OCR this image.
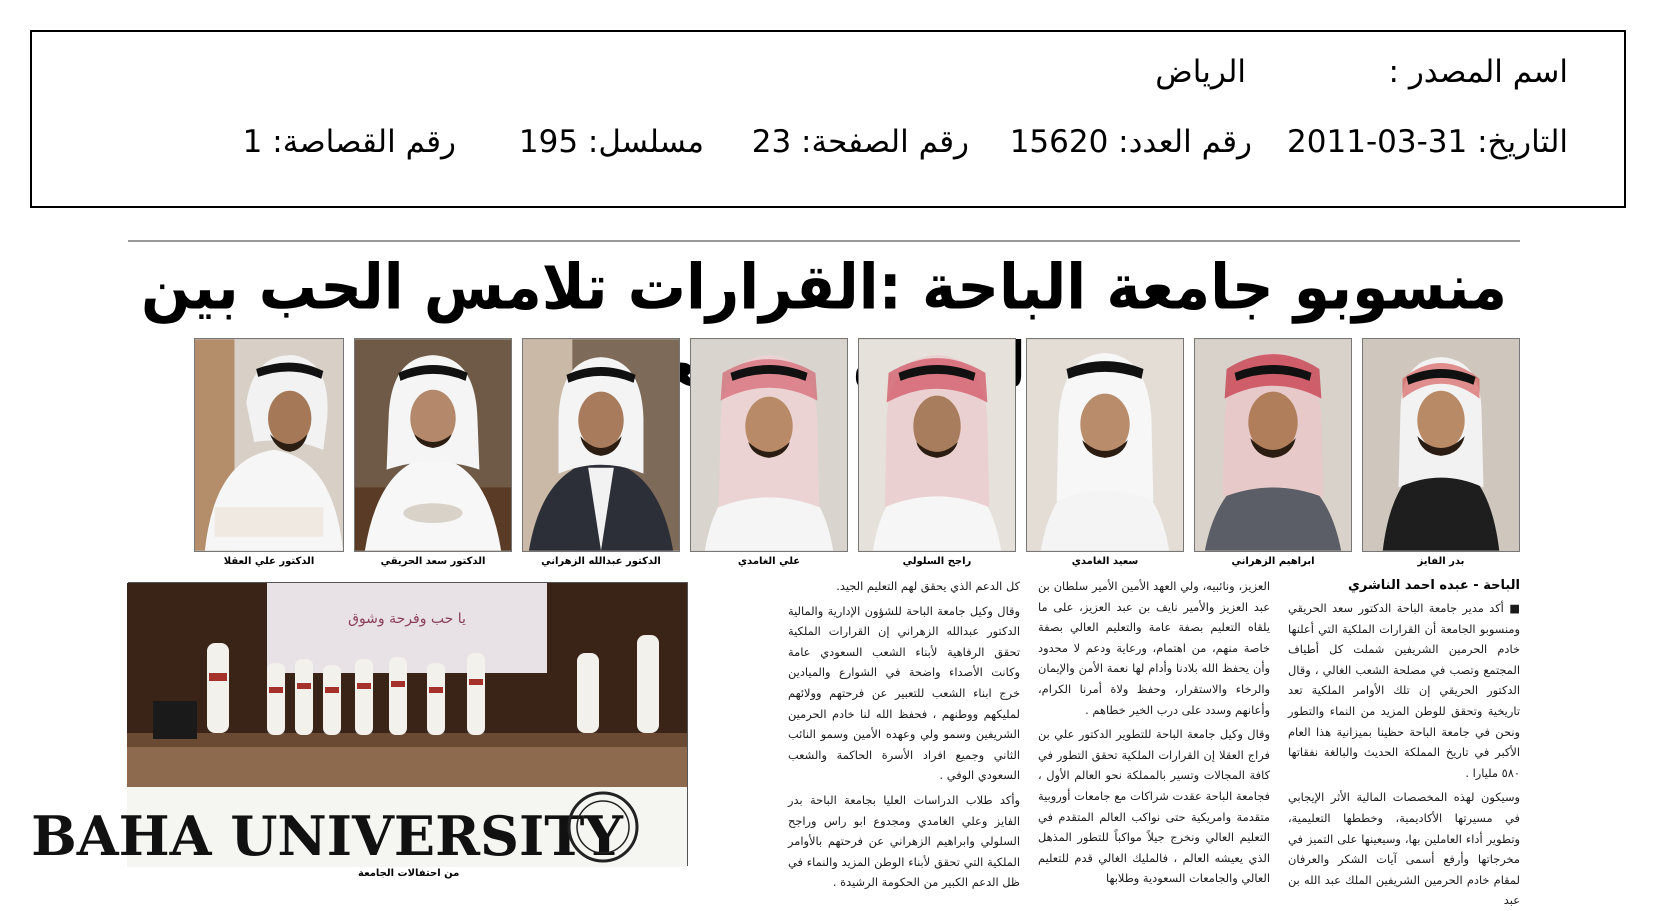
اسم المصدر :
الرياض
التاريخ: 31-03-2011
رقم العدد: 15620
رقم الصفحة: 23
مسلسل: 195
رقم القصاصة: 1
منسوبو جامعة الباحة :القرارات تلامس الحب بين
بدر الفايز
ابراهيم الزهراني
سعيد الغامدي
راجح السلولي
علي الغامدي
الدكتور عبدالله الزهراني
الدكتور سعد الحريقي
الدكتور علي العقلا
الباحة - عبده احمد الناشري

■ أكد مدير جامعة الباحة الدكتور سعد الحريقي ومنسوبو الجامعة أن القرارات الملكية التي أعلنها خادم الحرمين الشريفين شملت كل أطياف المجتمع وتصب في مصلحة الشعب الغالي ، وقال الدكتور الحريقي إن تلك الأوامر الملكية تعد تاريخية وتحقق للوطن المزيد من النماء والتطور ونحن في جامعة الباحة حظينا بميزانية هذا العام الأكبر في تاريخ المملكة الحديث والبالغة نفقاتها ٥٨٠ مليارا .

وسيكون لهذه المخصصات المالية الأثر الإيجابي في مسيرتها الأكاديمية، وخططها التعليمية، وتطوير أداء العاملين بها، وسيعينها على التميز في مخرجاتها وأرفع أسمى آيات الشكر والعرفان لمقام خادم الحرمين الشريفين الملك عبد الله بن عبد

العزيز، ونائبيه، ولي العهد الأمين الأمير سلطان بن عبد العزيز والأمير نايف بن عبد العزيز، على ما يلقاه التعليم بصفة عامة والتعليم العالي بصفة خاصة منهم، من اهتمام، ورعاية ودعم لا محدود وأن يحفظ الله بلادنا وأدام لها نعمة الأمن والإيمان والرخاء والاستقرار، وحفظ ولاة أمرنا الكرام، وأعانهم وسدد على درب الخير خطاهم .

وقال وكيل جامعة الباحة للتطوير الدكتور علي بن فراج العقلا إن القرارات الملكية تحقق التطور في كافة المجالات وتسير بالمملكة نحو العالم الأول ، فجامعة الباحة عقدت شراكات مع جامعات أوروبية متقدمة وامريكية حتى نواكب العالم المتقدم في التعليم العالي ونخرج جيلاً مواكباً للتطور المذهل الذي يعيشه العالم ، فالمليك الغالي قدم للتعليم العالي والجامعات السعودية وطلابها

كل الدعم الذي يحقق لهم التعليم الجيد.

وقال وكيل جامعة الباحة للشؤون الإدارية والمالية الدكتور عبدالله الزهراني إن القرارات الملكية تحقق الرفاهية لأبناء الشعب السعودي عامة وكانت الأصداء واضحة في الشوارع والميادين خرج ابناء الشعب للتعبير عن فرحتهم وولائهم لمليكهم ووطنهم ، فحفظ الله لنا خادم الحرمين الشريفين وسمو ولي وعهده الأمين وسمو النائب الثاني وجميع افراد الأسرة الحاكمة والشعب السعودي الوفي .

وأكد طلاب الدراسات العليا بجامعة الباحة بدر الفايز وعلي الغامدي ومجدوع ابو راس وراجح السلولي وابراهيم الزهراني عن فرحتهم بالأوامر الملكية التي تحقق لأبناء الوطن المزيد والنماء في ظل الدعم الكبير من الحكومة الرشيدة .

يا حب وفرحة وشوق
BAHA UNIVERSITY
من احتفالات الجامعة
